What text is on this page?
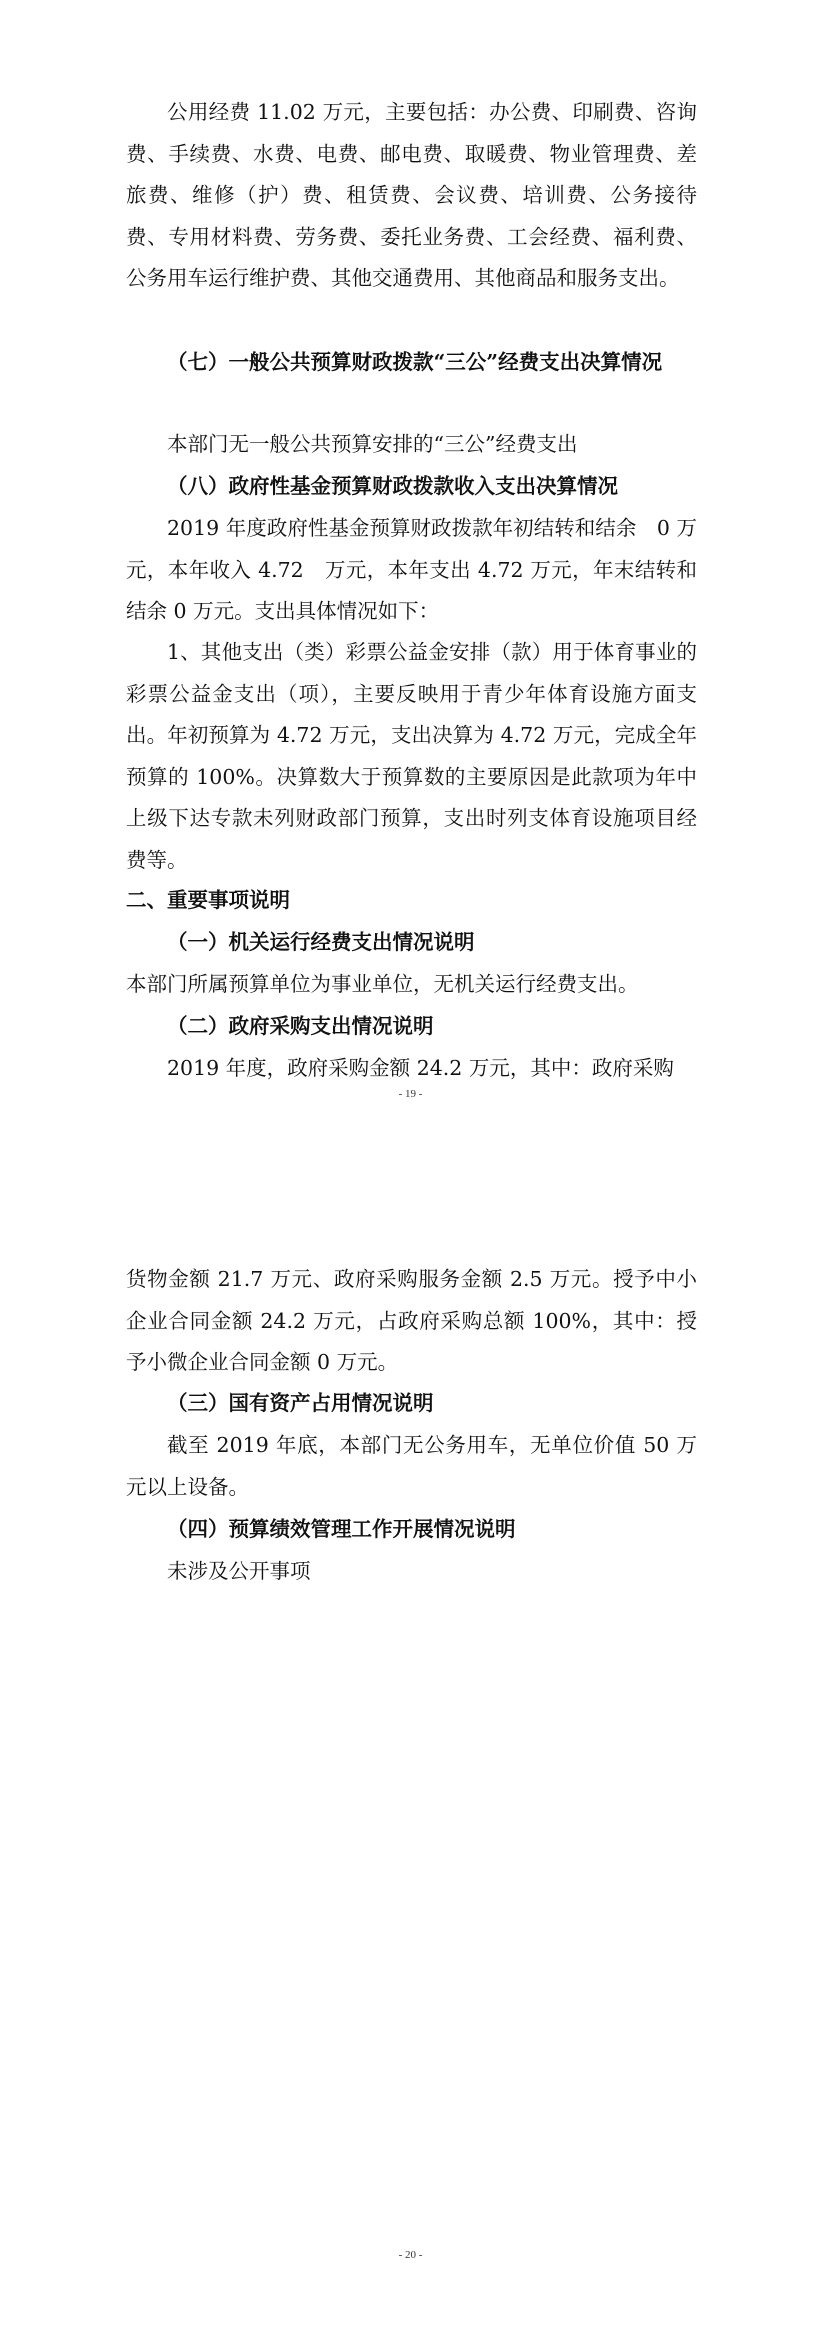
公用经费 11.02 万元，主要包括：办公费、印刷费、咨询费、手续费、水费、电费、邮电费、取暖费、物业管理费、差旅费、维修（护）费、租赁费、会议费、培训费、公务接待费、专用材料费、劳务费、委托业务费、工会经费、福利费、公务用车运行维护费、其他交通费用、其他商品和服务支出。

（七）一般公共预算财政拨款“三公”经费支出决算情况

本部门无一般公共预算安排的“三公”经费支出

（八）政府性基金预算财政拨款收入支出决算情况

2019 年度政府性基金预算财政拨款年初结转和结余　0 万元，本年收入 4.72　万元，本年支出 4.72 万元，年末结转和结余 0 万元。支出具体情况如下：

1、其他支出（类）彩票公益金安排（款）用于体育事业的彩票公益金支出（项），主要反映用于青少年体育设施方面支出。年初预算为 4.72 万元，支出决算为 4.72 万元，完成全年预算的 100%。决算数大于预算数的主要原因是此款项为年中上级下达专款未列财政部门预算，支出时列支体育设施项目经费等。

二、重要事项说明

（一）机关运行经费支出情况说明

本部门所属预算单位为事业单位，无机关运行经费支出。

（二）政府采购支出情况说明

2019 年度，政府采购金额 24.2 万元，其中：政府采购

- 19 -

货物金额 21.7 万元、政府采购服务金额 2.5 万元。授予中小企业合同金额 24.2 万元，占政府采购总额 100%，其中：授予小微企业合同金额 0 万元。

（三）国有资产占用情况说明

截至 2019 年底，本部门无公务用车，无单位价值 50 万元以上设备。

（四）预算绩效管理工作开展情况说明

未涉及公开事项

- 20 -
